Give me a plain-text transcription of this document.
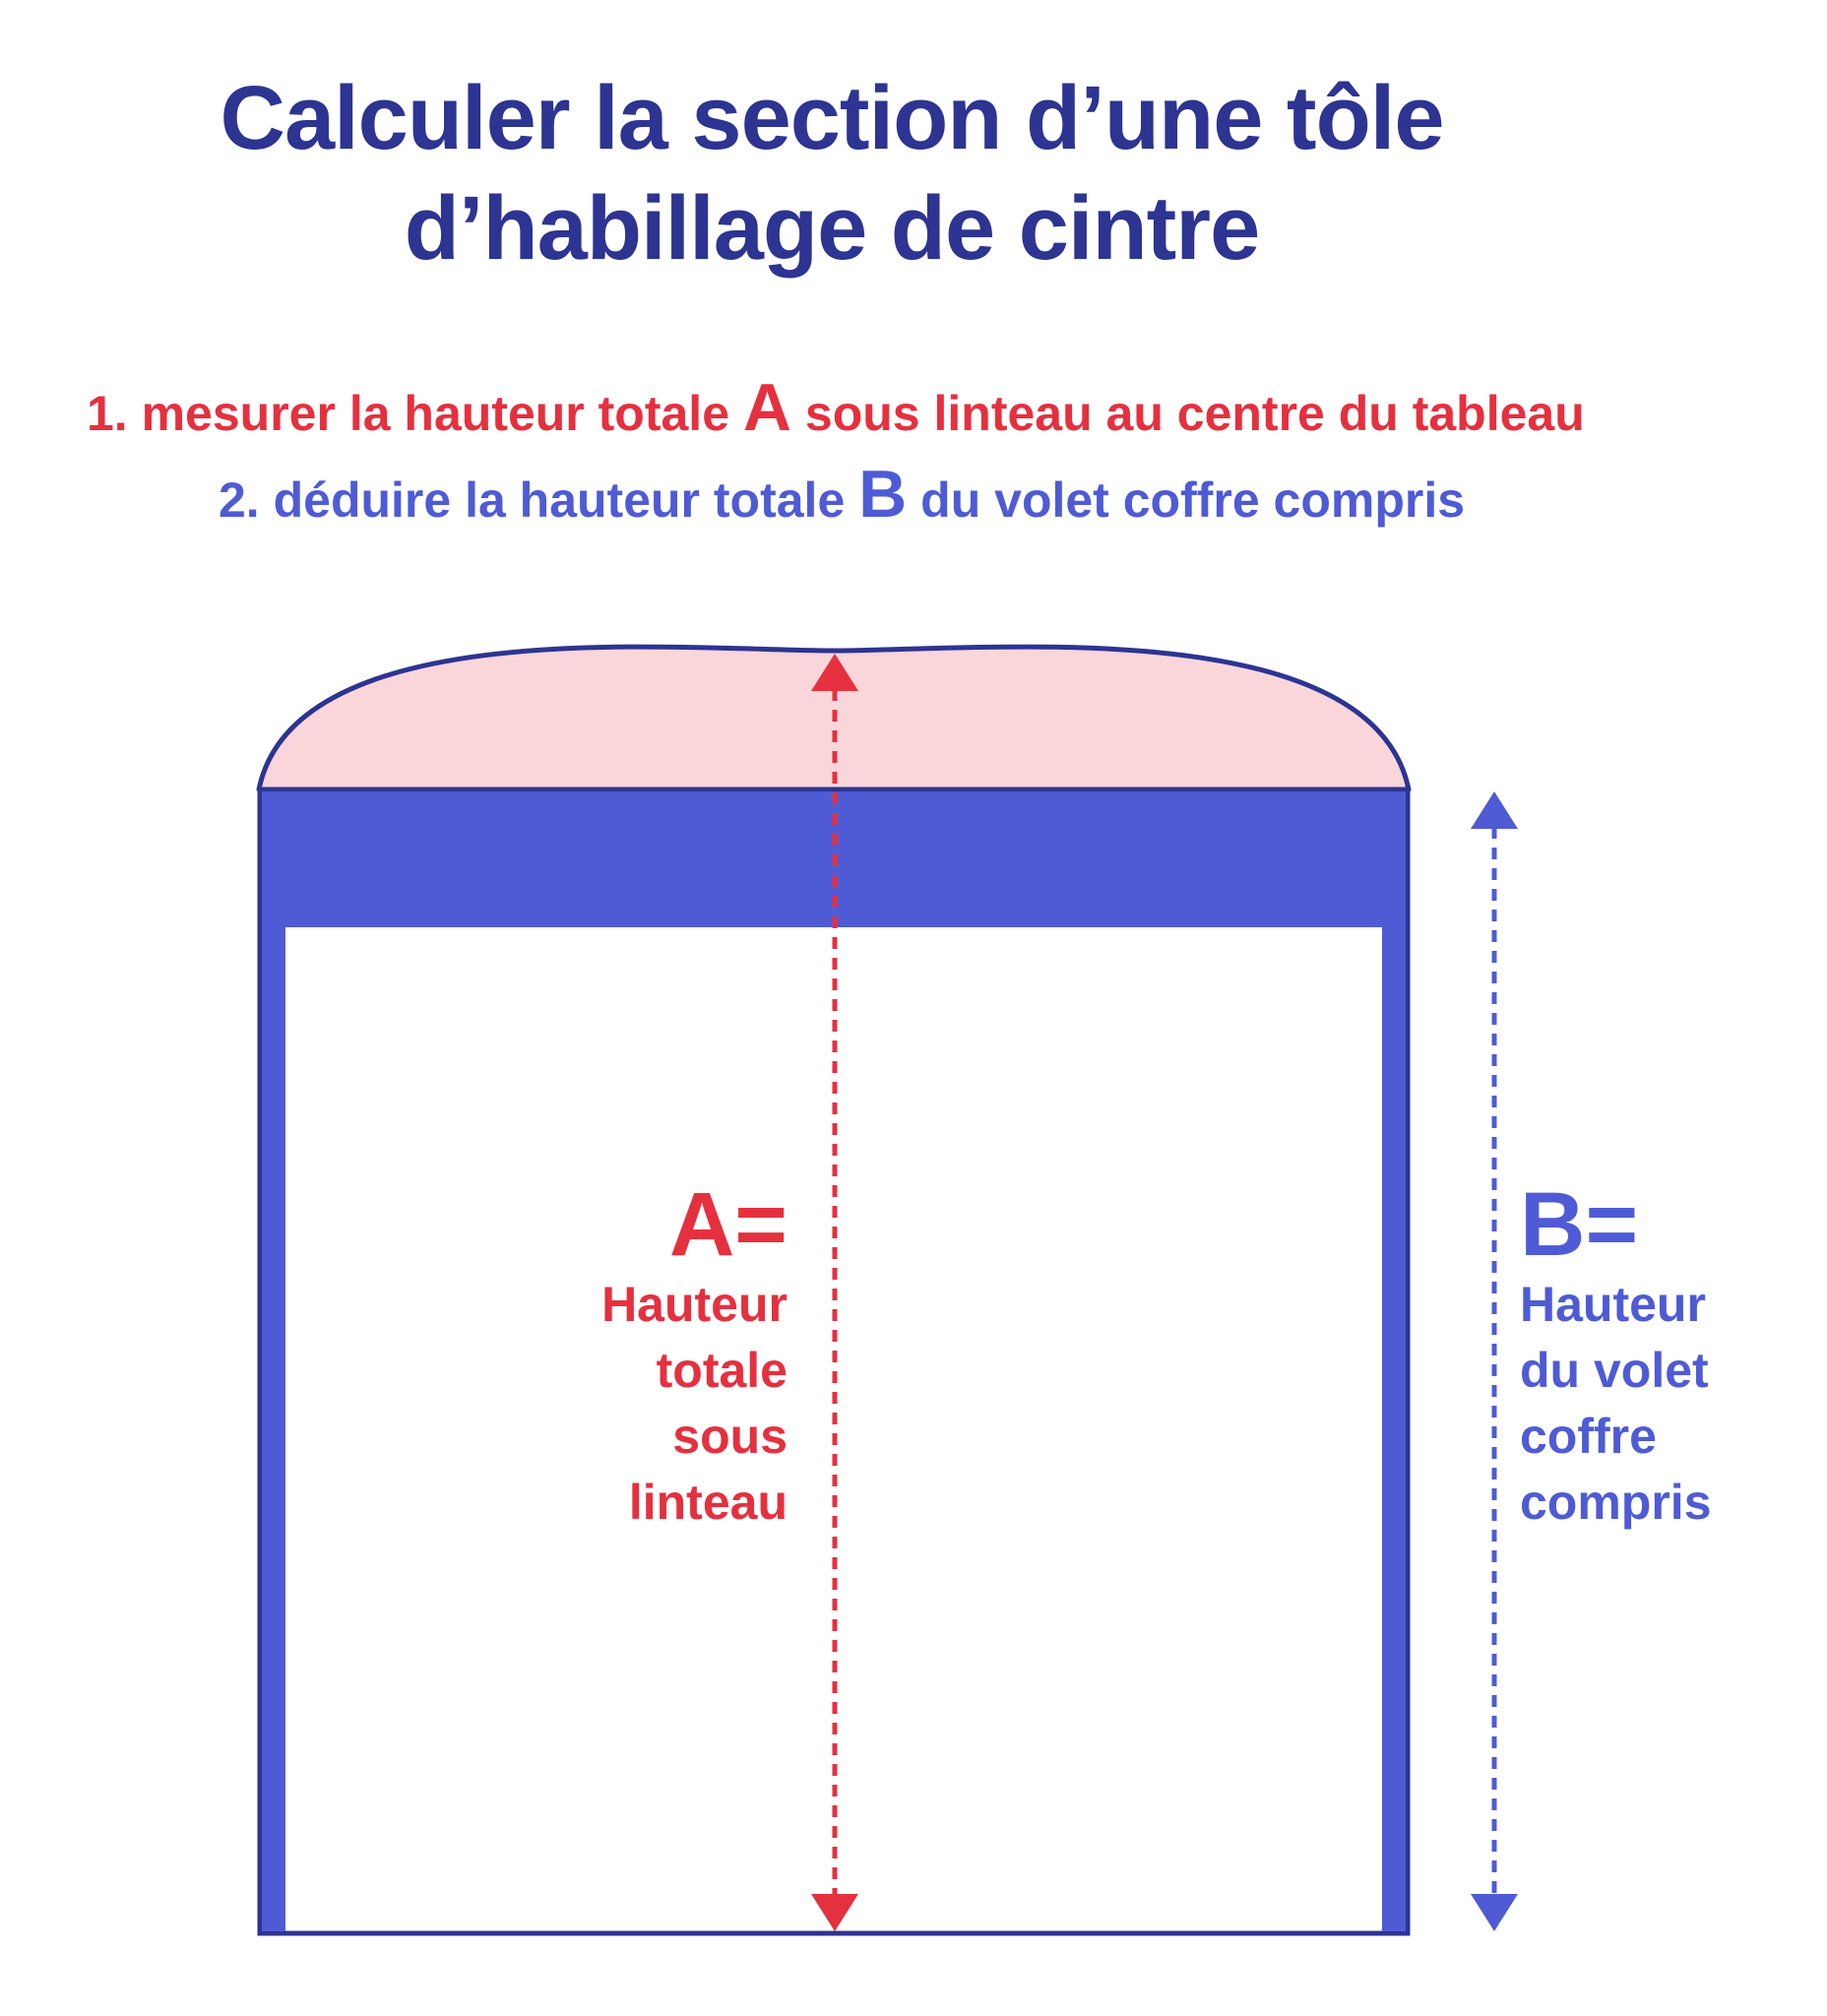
Calculer la section d’une tôle
d’habillage de cintre
1. mesurer la hauteur totale A sous linteau au centre du tableau
2. déduire la hauteur totale B du volet coffre compris
A=
Hauteur
totale
sous
linteau
B=
Hauteur
du volet
coffre
compris
